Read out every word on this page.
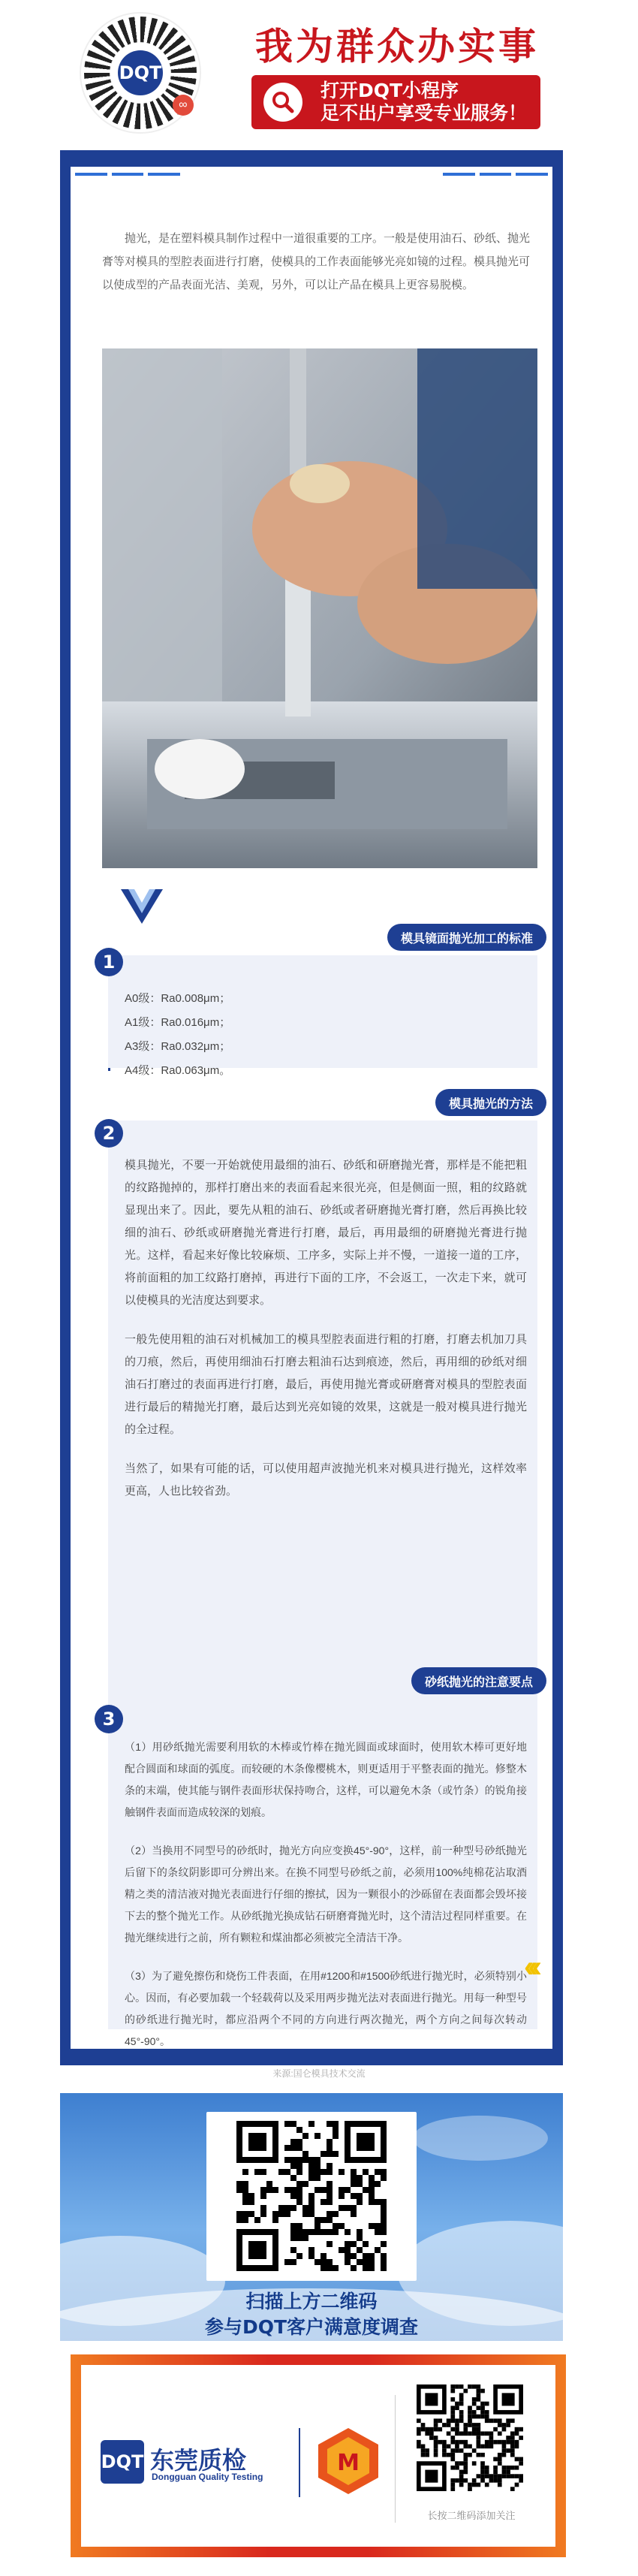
DQT
∞
我为群众办实事
打开DQT小程序
足不出户享受专业服务！

抛光，是在塑料模具制作过程中一道很重要的工序。一般是使用油石、砂纸、抛光膏等对模具的型腔表面进行打磨，使模具的工作表面能够光亮如镜的过程。模具抛光可以使成型的产品表面光洁、美观，另外，可以让产品在模具上更容易脱模。

模具镜面抛光加工的标准
1
A0级：Ra0.008μm；
A1级：Ra0.016μm；
A3级：Ra0.032μm；
A4级：Ra0.063μm。
模具抛光的方法
2

模具抛光，不要一开始就使用最细的油石、砂纸和研磨抛光膏，那样是不能把粗的纹路抛掉的，那样打磨出来的表面看起来很光亮，但是侧面一照，粗的纹路就显现出来了。因此，要先从粗的油石、砂纸或者研磨抛光膏打磨，然后再换比较细的油石、砂纸或研磨抛光膏进行打磨，最后，再用最细的研磨抛光膏进行抛光。这样，看起来好像比较麻烦、工序多，实际上并不慢，一道接一道的工序，将前面粗的加工纹路打磨掉，再进行下面的工序，不会返工，一次走下来，就可以使模具的光洁度达到要求。

一般先使用粗的油石对机械加工的模具型腔表面进行粗的打磨，打磨去机加刀具的刀痕，然后，再使用细油石打磨去粗油石达到痕迹，然后，再用细的砂纸对细油石打磨过的表面再进行打磨，最后，再使用抛光膏或研磨膏对模具的型腔表面进行最后的精抛光打磨，最后达到光亮如镜的效果，这就是一般对模具进行抛光的全过程。

当然了，如果有可能的话，可以使用超声波抛光机来对模具进行抛光，这样效率更高，人也比较省劲。

砂纸抛光的注意要点
3

（1）用砂纸抛光需要利用软的木棒或竹棒在抛光圆面或球面时，使用软木棒可更好地配合圆面和球面的弧度。而较硬的木条像樱桃木，则更适用于平整表面的抛光。修整木条的末端，使其能与钢件表面形状保持吻合，这样，可以避免木条（或竹条）的锐角接触钢件表面而造成较深的划痕。

（2）当换用不同型号的砂纸时，抛光方向应变换45°-90°，这样，前一种型号砂纸抛光后留下的条纹阴影即可分辨出来。在换不同型号砂纸之前，必须用100%纯棉花沾取酒精之类的清洁液对抛光表面进行仔细的擦拭，因为一颗很小的沙砾留在表面都会毁坏接下去的整个抛光工作。从砂纸抛光换成钻石研磨膏抛光时，这个清洁过程同样重要。在抛光继续进行之前，所有颗粒和煤油都必须被完全清洁干净。

（3）为了避免擦伤和烧伤工件表面，在用#1200和#1500砂纸进行抛光时，必须特别小心。因而，有必要加载一个轻载荷以及采用两步抛光法对表面进行抛光。用每一种型号的砂纸进行抛光时，都应沿两个不同的方向进行两次抛光，两个方向之间每次转动45°-90°。

‹‹‹
来源:国仑模具技术交流
扫描上方二维码
参与DQT客户满意度调查
DQT 东莞质检
Dongguan Quality Testing
M
长按二维码添加关注
